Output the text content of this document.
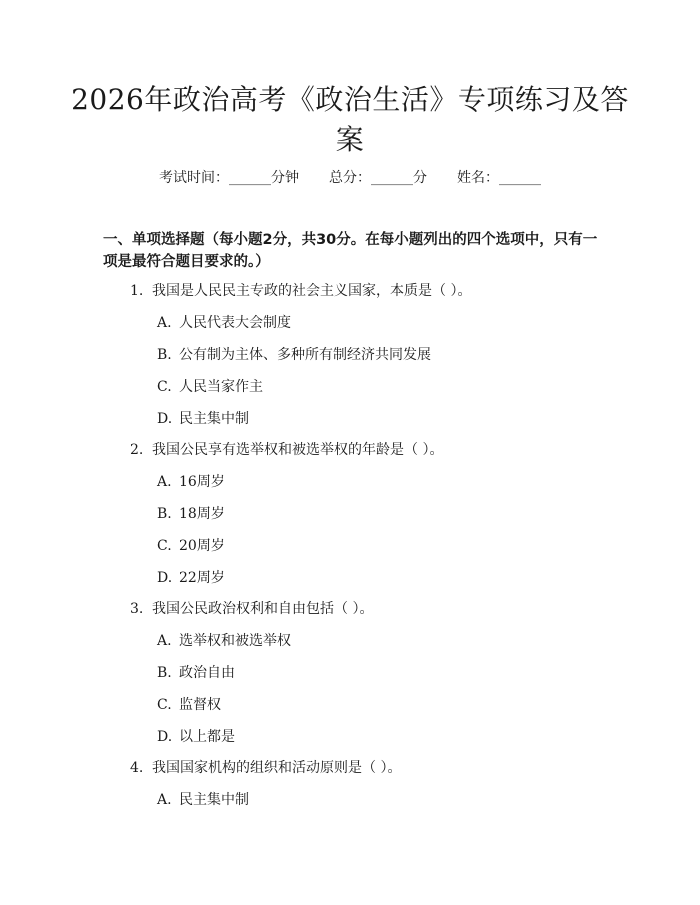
2026年政治高考《政治生活》专项练习及答案
考试时间：______分钟 总分：______分 姓名：______
一、单项选择题（每小题2分，共30分。在每小题列出的四个选项中，只有一项是最符合题目要求的。）
1. 我国是人民民主专政的社会主义国家，本质是（ ）。
A. 人民代表大会制度
B. 公有制为主体、多种所有制经济共同发展
C. 人民当家作主
D. 民主集中制
2. 我国公民享有选举权和被选举权的年龄是（ ）。
A. 16周岁
B. 18周岁
C. 20周岁
D. 22周岁
3. 我国公民政治权利和自由包括（ ）。
A. 选举权和被选举权
B. 政治自由
C. 监督权
D. 以上都是
4. 我国国家机构的组织和活动原则是（ ）。
A. 民主集中制
